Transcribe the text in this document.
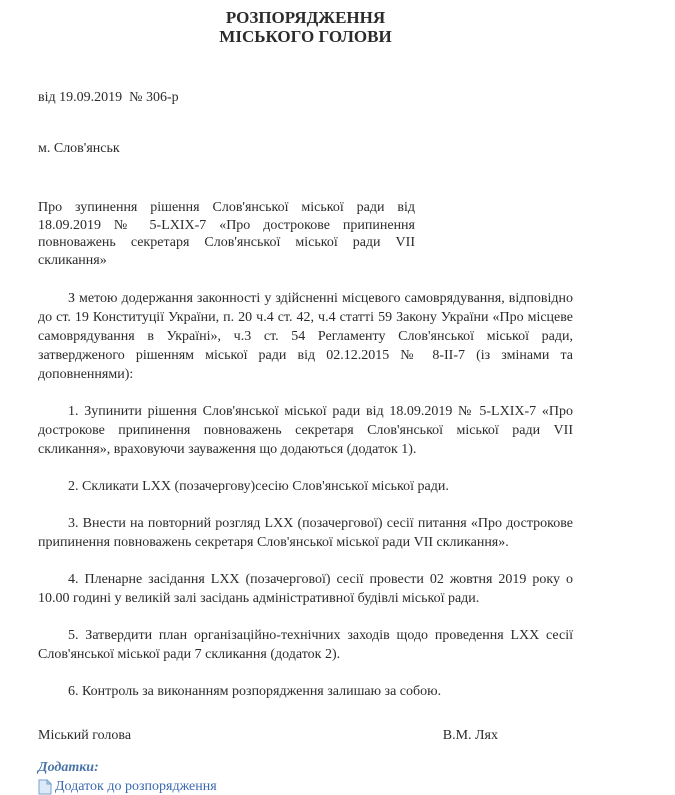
РОЗПОРЯДЖЕННЯ
МІСЬКОГО ГОЛОВИ

від 19.09.2019  № 306-р

м. Слов'янськ

Про зупинення рішення Слов'янської міської ради від 18.09.2019 № 5-LXIX-7 «Про дострокове припинення повноважень секретаря Слов'янської міської ради VII скликання»

З метою додержання законності у здійсненні місцевого самоврядування, відповідно до ст. 19 Конституції України, п. 20 ч.4 ст. 42, ч.4 статті 59 Закону України «Про місцеве самоврядування в Україні», ч.3 ст. 54 Регламенту Слов'янської міської ради, затвердженого рішенням міської ради від 02.12.2015 № 8-II-7 (із змінами та доповненнями):

1. Зупинити рішення Слов'янської міської ради від 18.09.2019 № 5-LXIX-7 «Про дострокове припинення повноважень секретаря Слов'янської міської ради VII скликання», враховуючи зауваження що додаються (додаток 1).

2. Скликати LXX (позачергову)сесію Слов'янської міської ради.

3. Внести на повторний розгляд LXX (позачергової) сесії питання «Про дострокове припинення повноважень секретаря Слов'янської міської ради VII скликання».

4. Пленарне засідання LXX (позачергової) сесії провести 02 жовтня 2019 року о 10.00 годині у великій залі засідань адміністративної будівлі міської ради.

5. Затвердити план організаційно-технічних заходів щодо проведення LXX сесії Слов'янської міської ради 7 скликання (додаток 2).

6. Контроль за виконанням розпорядження залишаю за собою.

Міський голова	В.М. Лях
Додатки:
Додаток до розпорядження
